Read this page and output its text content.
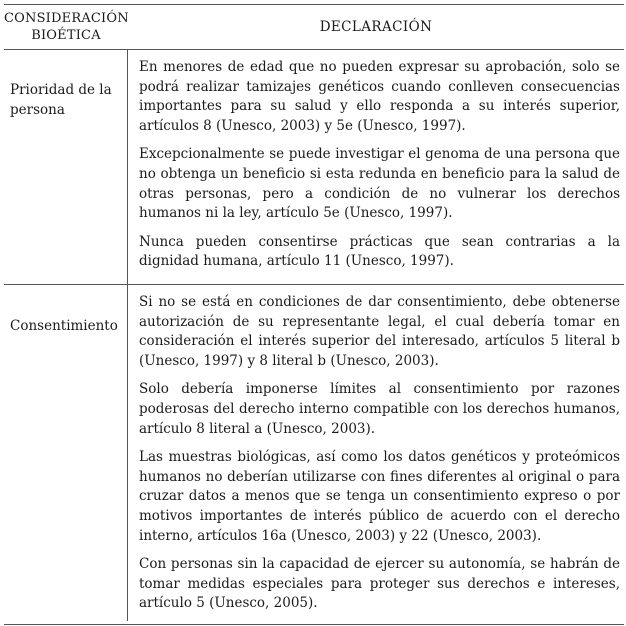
CONSIDERACIÓN
BIOÉTICA
DECLARACIÓN
Prioridad de la persona

En menores de edad que no pueden expresar su aprobación, solo se podrá realizar tamizajes genéticos cuando conlleven consecuencias importantes para su salud y ello responda a su interés superior, artículos 8 (Unesco, 2003) y 5e (Unesco, 1997).

Excepcionalmente se puede investigar el genoma de una persona que no obtenga un beneficio si esta redunda en beneficio para la salud de otras personas, pero a condición de no vulnerar los derechos humanos ni la ley, artículo 5e (Unesco, 1997).

Nunca pueden consentirse prácticas que sean contrarias a la dignidad humana, artículo 11 (Unesco, 1997).

Consentimiento

Si no se está en condiciones de dar consentimiento, debe obtenerse autorización de su representante legal, el cual debería tomar en consideración el interés superior del interesado, artículos 5 literal b (Unesco, 1997) y 8 literal b (Unesco, 2003).

Solo debería imponerse límites al consentimiento por razones poderosas del derecho interno compatible con los derechos humanos, artículo 8 literal a (Unesco, 2003).

Las muestras biológicas, así como los datos genéticos y proteómicos humanos no deberían utilizarse con fines diferentes al original o para cruzar datos a menos que se tenga un consentimiento expreso o por motivos importantes de interés público de acuerdo con el derecho interno, artículos 16a (Unesco, 2003) y 22 (Unesco, 2003).

Con personas sin la capacidad de ejercer su autonomía, se habrán de tomar medidas especiales para proteger sus derechos e intereses, artículo 5 (Unesco, 2005).
